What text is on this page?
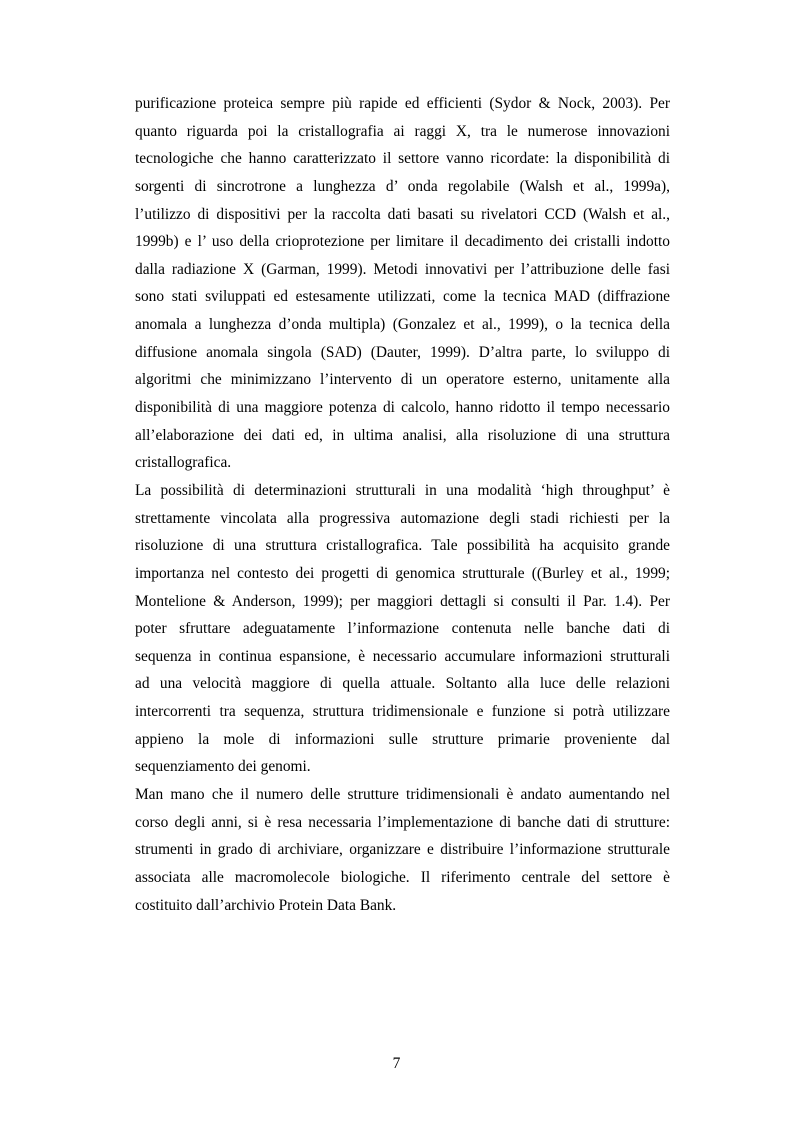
purificazione proteica sempre più rapide ed efficienti (Sydor & Nock, 2003). Per
quanto riguarda poi la cristallografia ai raggi X, tra le numerose innovazioni
tecnologiche che hanno caratterizzato il settore vanno ricordate: la disponibilità di
sorgenti di sincrotrone a lunghezza d’ onda regolabile (Walsh et al., 1999a),
l’utilizzo di dispositivi per la raccolta dati basati su rivelatori CCD (Walsh et al.,
1999b) e l’ uso della crioprotezione per limitare il decadimento dei cristalli indotto
dalla radiazione X (Garman, 1999). Metodi innovativi per l’attribuzione delle fasi
sono stati sviluppati ed estesamente utilizzati, come la tecnica MAD (diffrazione
anomala a lunghezza d’onda multipla) (Gonzalez et al., 1999), o la tecnica della
diffusione anomala singola (SAD) (Dauter, 1999). D’altra parte, lo sviluppo di
algoritmi che minimizzano l’intervento di un operatore esterno, unitamente alla
disponibilità di una maggiore potenza di calcolo, hanno ridotto il tempo necessario
all’elaborazione dei dati ed, in ultima analisi, alla risoluzione di una struttura
cristallografica.
La possibilità di determinazioni strutturali in una modalità ‘high throughput’ è
strettamente vincolata alla progressiva automazione degli stadi richiesti per la
risoluzione di una struttura cristallografica. Tale possibilità ha acquisito grande
importanza nel contesto dei progetti di genomica strutturale ((Burley et al., 1999;
Montelione & Anderson, 1999); per maggiori dettagli si consulti il Par. 1.4). Per
poter sfruttare adeguatamente l’informazione contenuta nelle banche dati di
sequenza in continua espansione, è necessario accumulare informazioni strutturali
ad una velocità maggiore di quella attuale. Soltanto alla luce delle relazioni
intercorrenti tra sequenza, struttura tridimensionale e funzione si potrà utilizzare
appieno la mole di informazioni sulle strutture primarie proveniente dal
sequenziamento dei genomi.
Man mano che il numero delle strutture tridimensionali è andato aumentando nel
corso degli anni, si è resa necessaria l’implementazione di banche dati di strutture:
strumenti in grado di archiviare, organizzare e distribuire l’informazione strutturale
associata alle macromolecole biologiche. Il riferimento centrale del settore è
costituito dall’archivio Protein Data Bank.
7
